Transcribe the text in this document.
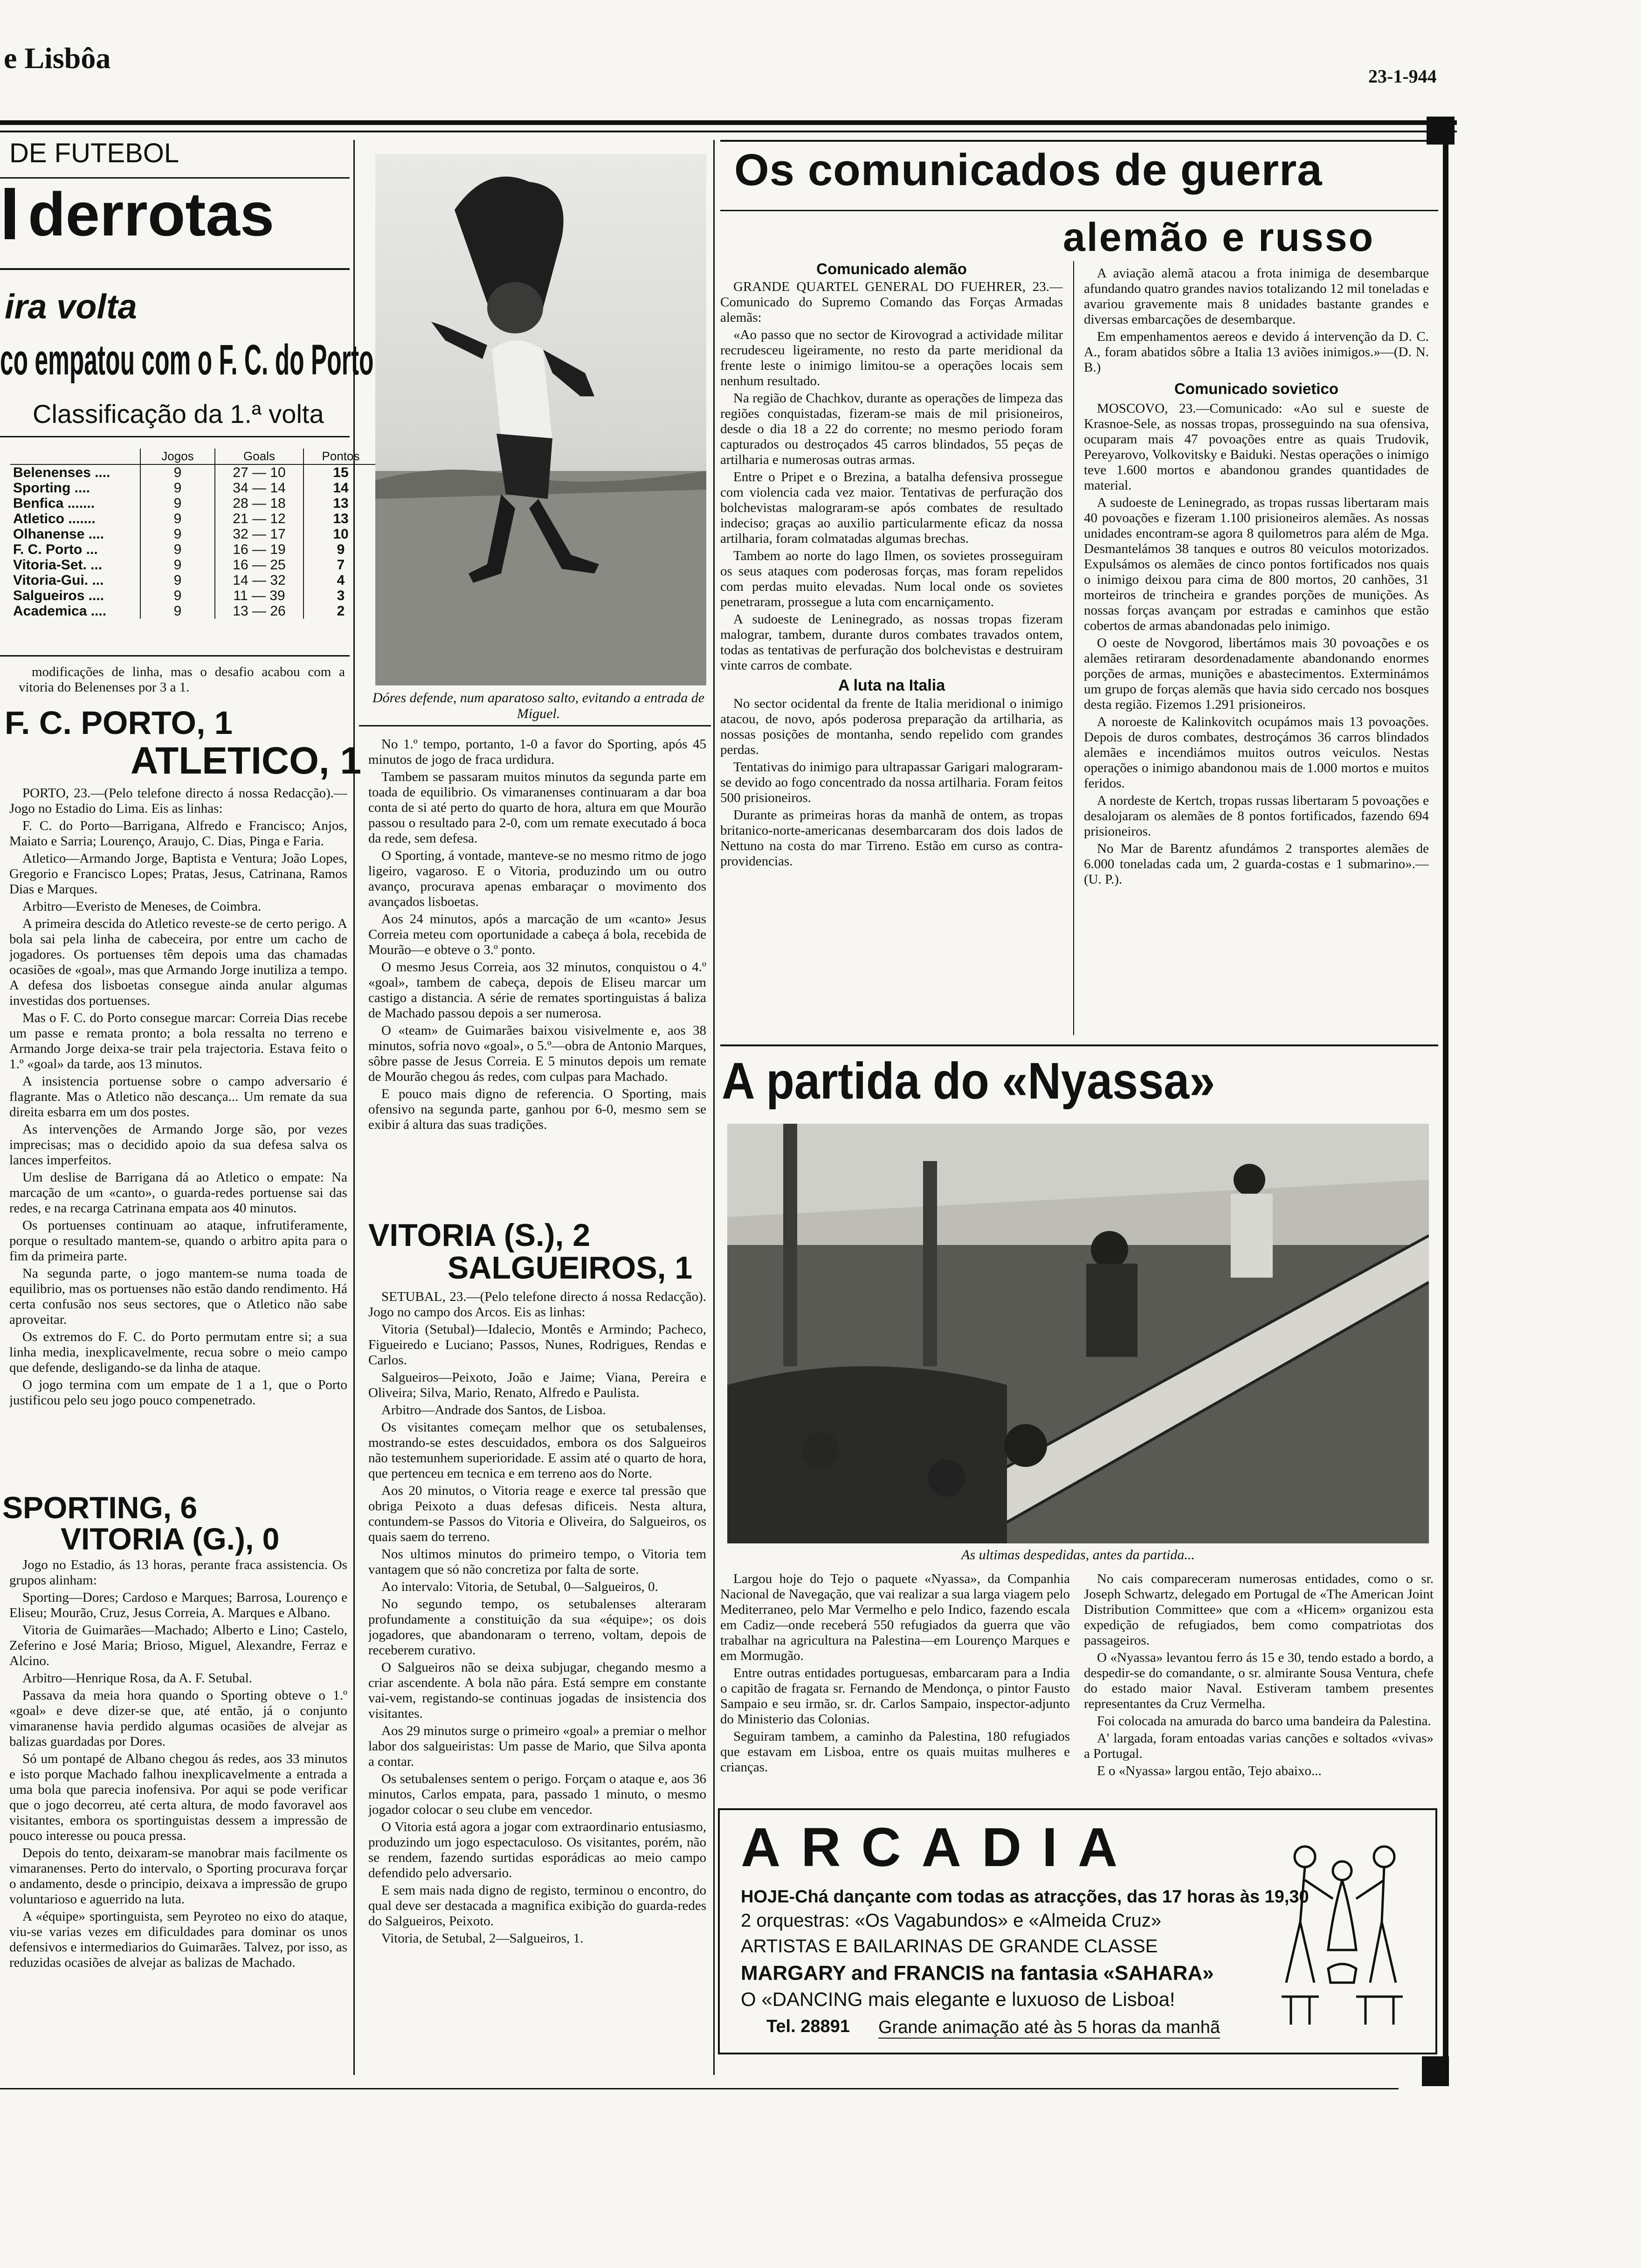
e Lisbôa
23-1-944
DE FUTEBOL
derrotas
ira volta
co empatou com o F. C. do Porto
Classificação da 1.ª volta
	Jogos	Goals	Pontos
Belenenses ....	9	27 — 10	15
Sporting ....	9	34 — 14	14
Benfica .......	9	28 — 18	13
Atletico .......	9	21 — 12	13
Olhanense ....	9	32 — 17	10
F. C. Porto ...	9	16 — 19	9
Vitoria-Set. ...	9	16 — 25	7
Vitoria-Gui. ...	9	14 — 32	4
Salgueiros ....	9	11 — 39	3
Academica ....	9	13 — 26	2

modificações de linha, mas o desafio acabou com a vitoria do Belenenses por 3 a 1.

F. C. PORTO, 1
ATLETICO, 1

PORTO, 23.—(Pelo telefone directo á nossa Redacção).—Jogo no Estadio do Lima. Eis as linhas:

F. C. do Porto—Barrigana, Alfredo e Francisco; Anjos, Maiato e Sarria; Lourenço, Araujo, C. Dias, Pinga e Faria.

Atletico—Armando Jorge, Baptista e Ventura; João Lopes, Gregorio e Francisco Lopes; Pratas, Jesus, Catrinana, Ramos Dias e Marques.

Arbitro—Everisto de Meneses, de Coimbra.

A primeira descida do Atletico reveste-se de certo perigo. A bola sai pela linha de cabeceira, por entre um cacho de jogadores. Os portuenses têm depois uma das chamadas ocasiões de «goal», mas que Armando Jorge inutiliza a tempo. A defesa dos lisboetas consegue ainda anular algumas investidas dos portuenses.

Mas o F. C. do Porto consegue marcar: Correia Dias recebe um passe e remata pronto; a bola ressalta no terreno e Armando Jorge deixa-se trair pela trajectoria. Estava feito o 1.º «goal» da tarde, aos 13 minutos.

A insistencia portuense sobre o campo adversario é flagrante. Mas o Atletico não descança... Um remate da sua direita esbarra em um dos postes.

As intervenções de Armando Jorge são, por vezes imprecisas; mas o decidido apoio da sua defesa salva os lances imperfeitos.

Um deslise de Barrigana dá ao Atletico o empate: Na marcação de um «canto», o guarda-redes portuense sai das redes, e na recarga Catrinana empata aos 40 minutos.

Os portuenses continuam ao ataque, infrutiferamente, porque o resultado mantem-se, quando o arbitro apita para o fim da primeira parte.

Na segunda parte, o jogo mantem-se numa toada de equilibrio, mas os portuenses não estão dando rendimento. Há certa confusão nos seus sectores, que o Atletico não sabe aproveitar.

Os extremos do F. C. do Porto permutam entre si; a sua linha media, inexplicavelmente, recua sobre o meio campo que defende, desligando-se da linha de ataque.

O jogo termina com um empate de 1 a 1, que o Porto justificou pelo seu jogo pouco compenetrado.

SPORTING, 6
VITORIA (G.), 0

Jogo no Estadio, ás 13 horas, perante fraca assistencia. Os grupos alinham:

Sporting—Dores; Cardoso e Marques; Barrosa, Lourenço e Eliseu; Mourão, Cruz, Jesus Correia, A. Marques e Albano.

Vitoria de Guimarães—Machado; Alberto e Lino; Castelo, Zeferino e José Maria; Brioso, Miguel, Alexandre, Ferraz e Alcino.

Arbitro—Henrique Rosa, da A. F. Setubal.

Passava da meia hora quando o Sporting obteve o 1.º «goal» e deve dizer-se que, até então, já o conjunto vimaranense havia perdido algumas ocasiões de alvejar as balizas guardadas por Dores.

Só um pontapé de Albano chegou ás redes, aos 33 minutos e isto porque Machado falhou inexplicavelmente a entrada a uma bola que parecia inofensiva. Por aqui se pode verificar que o jogo decorreu, até certa altura, de modo favoravel aos visitantes, embora os sportinguistas dessem a impressão de pouco interesse ou pouca pressa.

Depois do tento, deixaram-se manobrar mais facilmente os vimaranenses. Perto do intervalo, o Sporting procurava forçar o andamento, desde o principio, deixava a impressão de grupo voluntarioso e aguerrido na luta.

A «équipe» sportinguista, sem Peyroteo no eixo do ataque, viu-se varias vezes em dificuldades para dominar os unos defensivos e intermediarios do Guimarães. Talvez, por isso, as reduzidas ocasiões de alvejar as balizas de Machado.

Dóres defende, num aparatoso salto, evitando a entrada de Miguel.

No 1.º tempo, portanto, 1-0 a favor do Sporting, após 45 minutos de jogo de fraca urdidura.

Tambem se passaram muitos minutos da segunda parte em toada de equilibrio. Os vimaranenses continuaram a dar boa conta de si até perto do quarto de hora, altura em que Mourão passou o resultado para 2-0, com um remate executado á boca da rede, sem defesa.

O Sporting, á vontade, manteve-se no mesmo ritmo de jogo ligeiro, vagaroso. E o Vitoria, produzindo um ou outro avanço, procurava apenas embaraçar o movimento dos avançados lisboetas.

Aos 24 minutos, após a marcação de um «canto» Jesus Correia meteu com oportunidade a cabeça á bola, recebida de Mourão—e obteve o 3.º ponto.

O mesmo Jesus Correia, aos 32 minutos, conquistou o 4.º «goal», tambem de cabeça, depois de Eliseu marcar um castigo a distancia. A série de remates sportinguistas á baliza de Machado passou depois a ser numerosa.

O «team» de Guimarães baixou visivelmente e, aos 38 minutos, sofria novo «goal», o 5.º—obra de Antonio Marques, sôbre passe de Jesus Correia. E 5 minutos depois um remate de Mourão chegou ás redes, com culpas para Machado.

E pouco mais digno de referencia. O Sporting, mais ofensivo na segunda parte, ganhou por 6-0, mesmo sem se exibir á altura das suas tradições.

VITORIA (S.), 2
SALGUEIROS, 1

SETUBAL, 23.—(Pelo telefone directo á nossa Redacção). Jogo no campo dos Arcos. Eis as linhas:

Vitoria (Setubal)—Idalecio, Montês e Armindo; Pacheco, Figueiredo e Luciano; Passos, Nunes, Rodrigues, Rendas e Carlos.

Salgueiros—Peixoto, João e Jaime; Viana, Pereira e Oliveira; Silva, Mario, Renato, Alfredo e Paulista.

Arbitro—Andrade dos Santos, de Lisboa.

Os visitantes começam melhor que os setubalenses, mostrando-se estes descuidados, embora os dos Salgueiros não testemunhem superioridade. E assim até o quarto de hora, que pertenceu em tecnica e em terreno aos do Norte.

Aos 20 minutos, o Vitoria reage e exerce tal pressão que obriga Peixoto a duas defesas dificeis. Nesta altura, contundem-se Passos do Vitoria e Oliveira, do Salgueiros, os quais saem do terreno.

Nos ultimos minutos do primeiro tempo, o Vitoria tem vantagem que só não concretiza por falta de sorte.

Ao intervalo: Vitoria, de Setubal, 0—Salgueiros, 0.

No segundo tempo, os setubalenses alteraram profundamente a constituição da sua «équipe»; os dois jogadores, que abandonaram o terreno, voltam, depois de receberem curativo.

O Salgueiros não se deixa subjugar, chegando mesmo a criar ascendente. A bola não pára. Está sempre em constante vai-vem, registando-se continuas jogadas de insistencia dos visitantes.

Aos 29 minutos surge o primeiro «goal» a premiar o melhor labor dos salgueiristas: Um passe de Mario, que Silva aponta a contar.

Os setubalenses sentem o perigo. Forçam o ataque e, aos 36 minutos, Carlos empata, para, passado 1 minuto, o mesmo jogador colocar o seu clube em vencedor.

O Vitoria está agora a jogar com extraordinario entusiasmo, produzindo um jogo espectaculoso. Os visitantes, porém, não se rendem, fazendo surtidas esporádicas ao meio campo defendido pelo adversario.

E sem mais nada digno de registo, terminou o encontro, do qual deve ser destacada a magnifica exibição do guarda-redes do Salgueiros, Peixoto.

Vitoria, de Setubal, 2—Salgueiros, 1.

Os comunicados de guerra
alemão e russo
Comunicado alemão

GRANDE QUARTEL GENERAL DO FUEHRER, 23.—Comunicado do Supremo Comando das Forças Armadas alemãs:

«Ao passo que no sector de Kirovograd a actividade militar recrudesceu ligeiramente, no resto da parte meridional da frente leste o inimigo limitou-se a operações locais sem nenhum resultado.

Na região de Chachkov, durante as operações de limpeza das regiões conquistadas, fizeram-se mais de mil prisioneiros, desde o dia 18 a 22 do corrente; no mesmo periodo foram capturados ou destroçados 45 carros blindados, 55 peças de artilharia e numerosas outras armas.

Entre o Pripet e o Brezina, a batalha defensiva prossegue com violencia cada vez maior. Tentativas de perfuração dos bolchevistas malograram-se após combates de resultado indeciso; graças ao auxilio particularmente eficaz da nossa artilharia, foram colmatadas algumas brechas.

Tambem ao norte do lago Ilmen, os sovietes prosseguiram os seus ataques com poderosas forças, mas foram repelidos com perdas muito elevadas. Num local onde os sovietes penetraram, prossegue a luta com encarniçamento.

A sudoeste de Leninegrado, as nossas tropas fizeram malograr, tambem, durante duros combates travados ontem, todas as tentativas de perfuração dos bolchevistas e destruiram vinte carros de combate.

A luta na Italia

No sector ocidental da frente de Italia meridional o inimigo atacou, de novo, após poderosa preparação da artilharia, as nossas posições de montanha, sendo repelido com grandes perdas.

Tentativas do inimigo para ultrapassar Garigari malograram-se devido ao fogo concentrado da nossa artilharia. Foram feitos 500 prisioneiros.

Durante as primeiras horas da manhã de ontem, as tropas britanico-norte-americanas desembarcaram dos dois lados de Nettuno na costa do mar Tirreno. Estão em curso as contra-providencias.

A aviação alemã atacou a frota inimiga de desembarque afundando quatro grandes navios totalizando 12 mil toneladas e avariou gravemente mais 8 unidades bastante grandes e diversas embarcações de desembarque.

Em empenhamentos aereos e devido á intervenção da D. C. A., foram abatidos sôbre a Italia 13 aviões inimigos.»—(D. N. B.)

Comunicado sovietico

MOSCOVO, 23.—Comunicado: «Ao sul e sueste de Krasnoe-Sele, as nossas tropas, prosseguindo na sua ofensiva, ocuparam mais 47 povoações entre as quais Trudovik, Pereyarovo, Volkovitsky e Baiduki. Nestas operações o inimigo teve 1.600 mortos e abandonou grandes quantidades de material.

A sudoeste de Leninegrado, as tropas russas libertaram mais 40 povoações e fizeram 1.100 prisioneiros alemães. As nossas unidades encontram-se agora 8 quilometros para além de Mga. Desmantelámos 38 tanques e outros 80 veiculos motorizados. Expulsámos os alemães de cinco pontos fortificados nos quais o inimigo deixou para cima de 800 mortos, 20 canhões, 31 morteiros de trincheira e grandes porções de munições. As nossas forças avançam por estradas e caminhos que estão cobertos de armas abandonadas pelo inimigo.

O oeste de Novgorod, libertámos mais 30 povoações e os alemães retiraram desordenadamente abandonando enormes porções de armas, munições e abastecimentos. Exterminámos um grupo de forças alemãs que havia sido cercado nos bosques desta região. Fizemos 1.291 prisioneiros.

A noroeste de Kalinkovitch ocupámos mais 13 povoações. Depois de duros combates, destroçámos 36 carros blindados alemães e incendiámos muitos outros veiculos. Nestas operações o inimigo abandonou mais de 1.000 mortos e muitos feridos.

A nordeste de Kertch, tropas russas libertaram 5 povoações e desalojaram os alemães de 8 pontos fortificados, fazendo 694 prisioneiros.

No Mar de Barentz afundámos 2 transportes alemães de 6.000 toneladas cada um, 2 guarda-costas e 1 submarino».—(U. P.).

A partida do «Nyassa»
As ultimas despedidas, antes da partida...

Largou hoje do Tejo o paquete «Nyassa», da Companhia Nacional de Navegação, que vai realizar a sua larga viagem pelo Mediterraneo, pelo Mar Vermelho e pelo Indico, fazendo escala em Cadiz—onde receberá 550 refugiados da guerra que vão trabalhar na agricultura na Palestina—em Lourenço Marques e em Mormugão.

Entre outras entidades portuguesas, embarcaram para a India o capitão de fragata sr. Fernando de Mendonça, o pintor Fausto Sampaio e seu irmão, sr. dr. Carlos Sampaio, inspector-adjunto do Ministerio das Colonias.

Seguiram tambem, a caminho da Palestina, 180 refugiados que estavam em Lisboa, entre os quais muitas mulheres e crianças.

No cais compareceram numerosas entidades, como o sr. Joseph Schwartz, delegado em Portugal de «The American Joint Distribution Committee» que com a «Hicem» organizou esta expedição de refugiados, bem como compatriotas dos passageiros.

O «Nyassa» levantou ferro ás 15 e 30, tendo estado a bordo, a despedir-se do comandante, o sr. almirante Sousa Ventura, chefe do estado maior Naval. Estiveram tambem presentes representantes da Cruz Vermelha.

Foi colocada na amurada do barco uma bandeira da Palestina.

A' largada, foram entoadas varias canções e soltados «vivas» a Portugal.

E o «Nyassa» largou então, Tejo abaixo...

ARCADIA
HOJE-Chá dançante com todas as atracções, das 17 horas às 19,30
2 orquestras: «Os Vagabundos» e «Almeida Cruz»
ARTISTAS E BAILARINAS DE GRANDE CLASSE
MARGARY and FRANCIS na fantasia «SAHARA»
O «DANCING mais elegante e luxuoso de Lisboa!
Tel. 28891 Grande animação até às 5 horas da manhã
